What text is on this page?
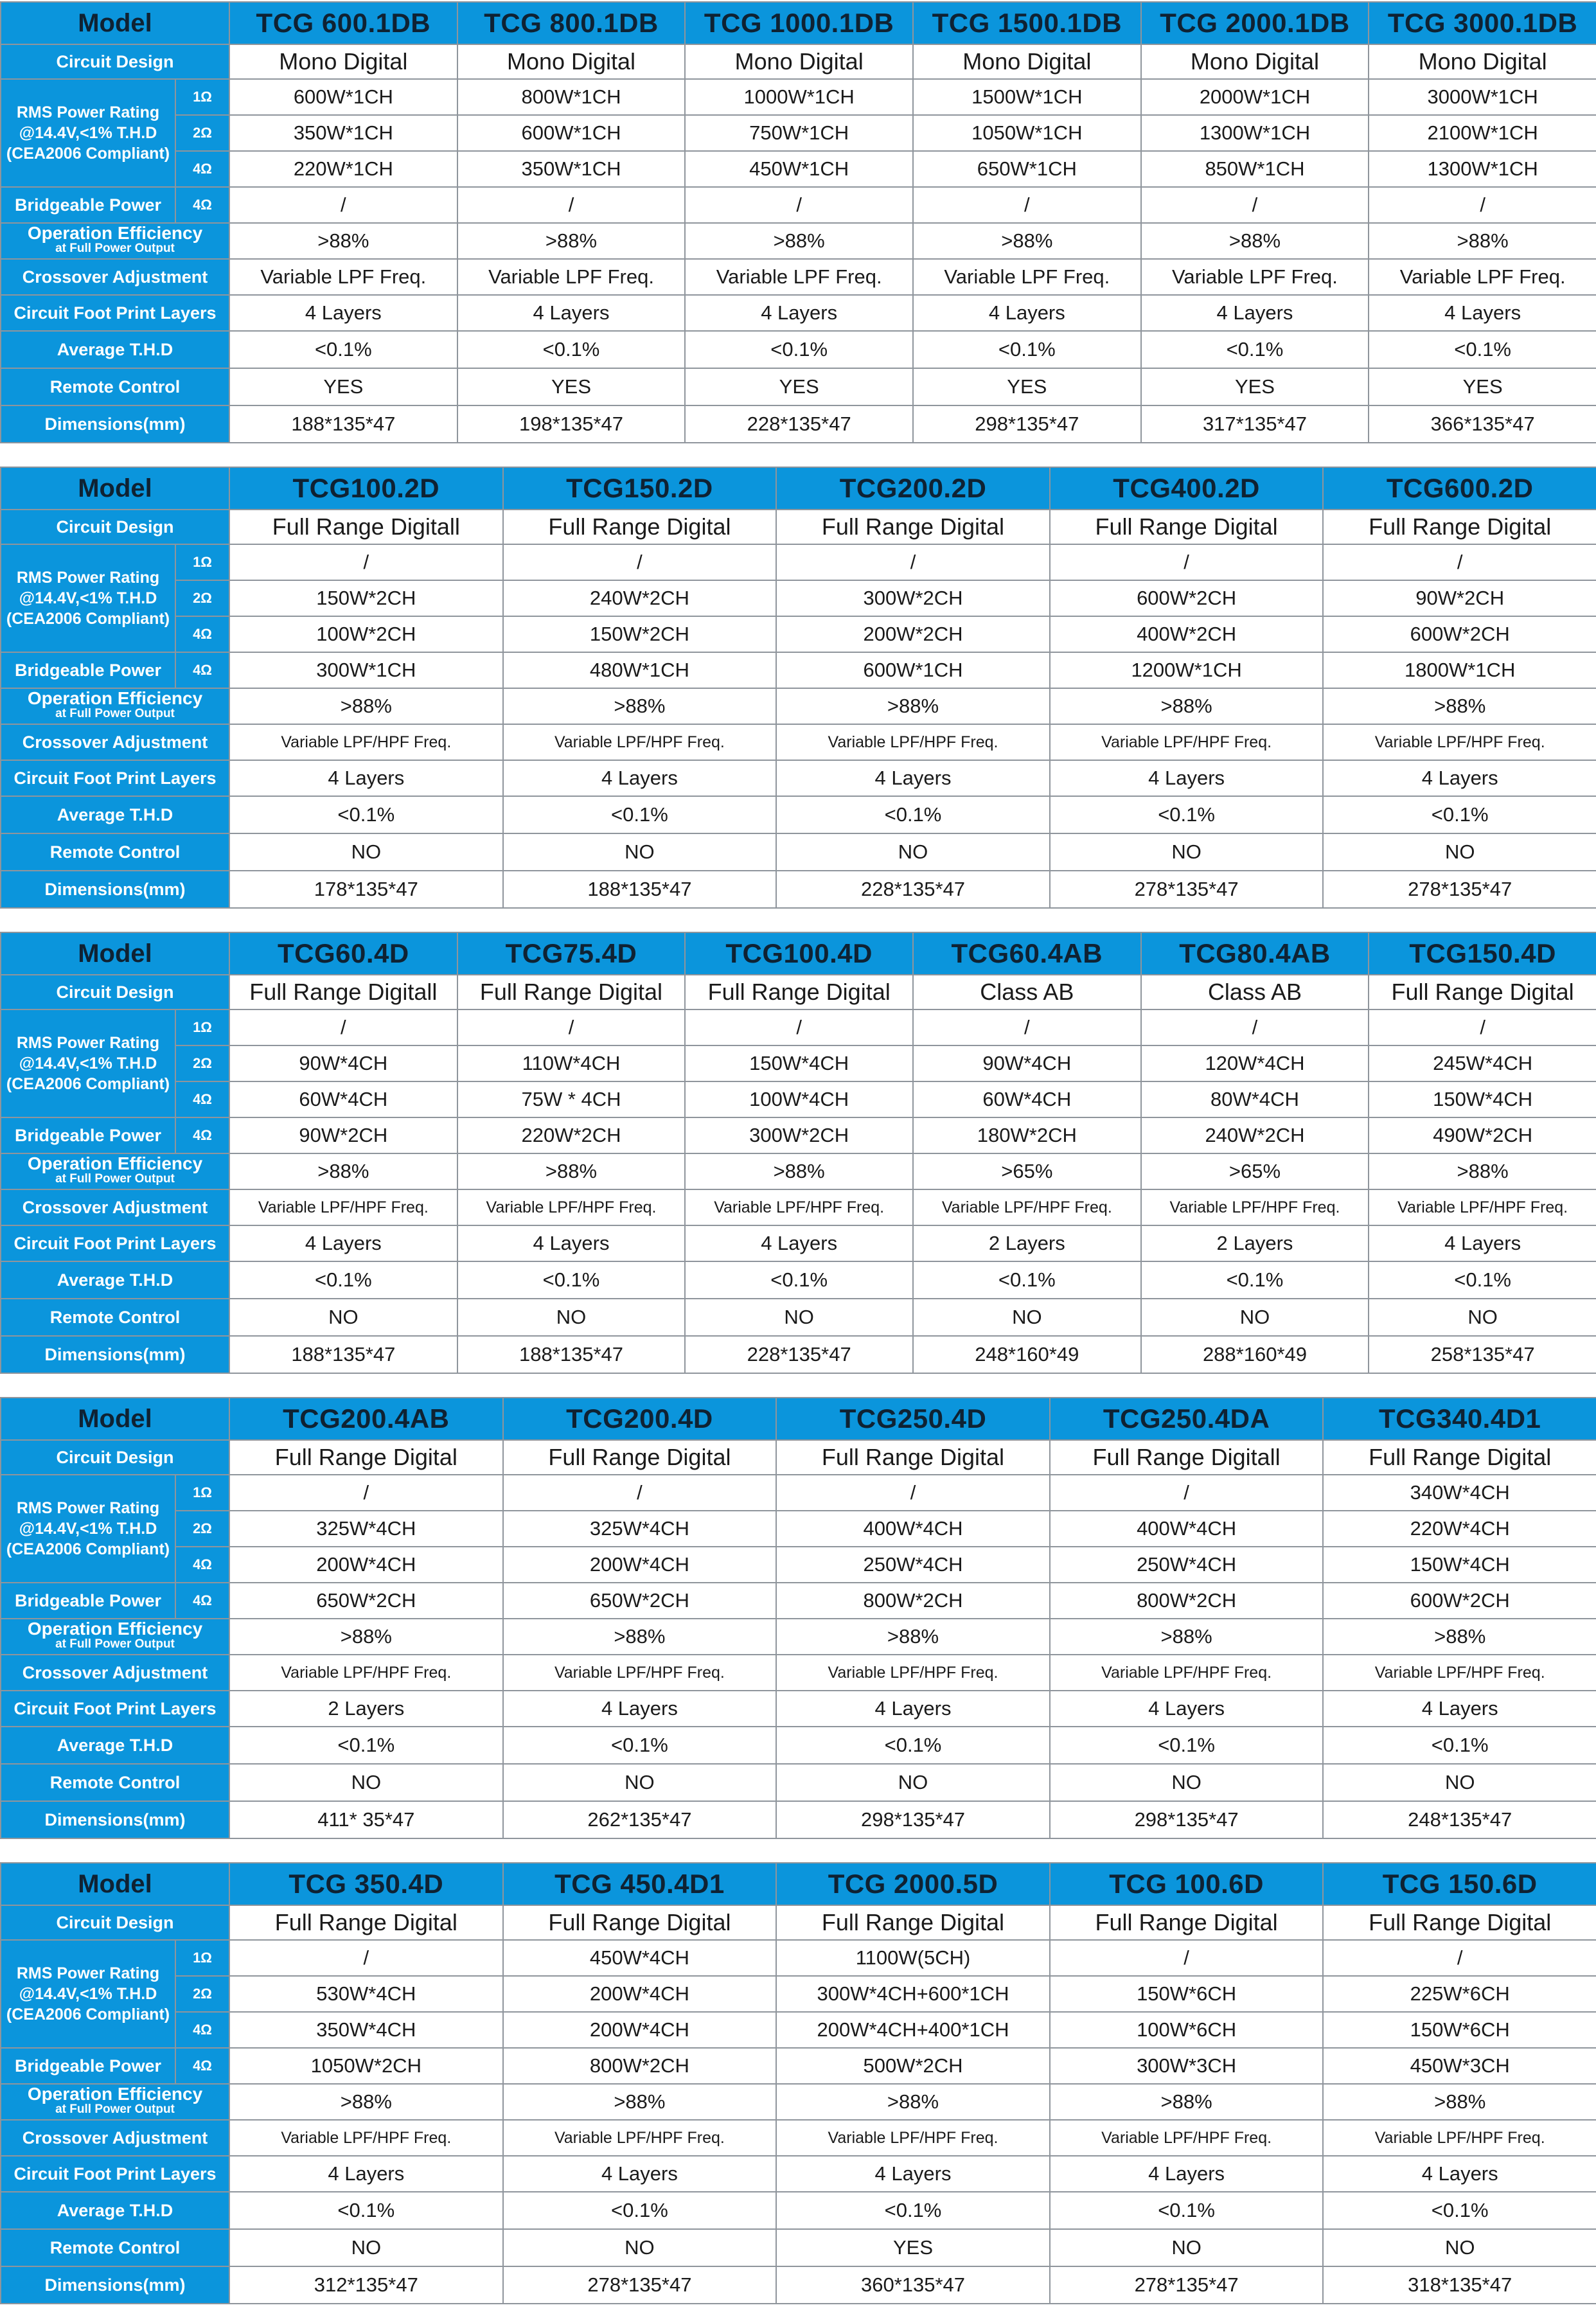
Model		TCG 600.1DB	TCG 800.1DB	TCG 1000.1DB	TCG 1500.1DB	TCG 2000.1DB	TCG 3000.1DB
Circuit Design		Mono Digital	Mono Digital	Mono Digital	Mono Digital	Mono Digital	Mono Digital

RMS Power Rating
@14.4V,<1% T.H.D
(CEA2006 Compliant)	1Ω	600W*1CH	800W*1CH	1000W*1CH	1500W*1CH	2000W*1CH	3000W*1CH
	2Ω	350W*1CH	600W*1CH	750W*1CH	1050W*1CH	1300W*1CH	2100W*1CH
	4Ω	220W*1CH	350W*1CH	450W*1CH	650W*1CH	850W*1CH	1300W*1CH
Bridgeable Power	4Ω	/	/	/	/	/	/

Operation Efficiency
at Full Power Output		>88%	>88%	>88%	>88%	>88%	>88%
Crossover Adjustment		Variable LPF Freq.	Variable LPF Freq.	Variable LPF Freq.	Variable LPF Freq.	Variable LPF Freq.	Variable LPF Freq.
Circuit Foot Print Layers		4 Layers	4 Layers	4 Layers	4 Layers	4 Layers	4 Layers
Average T.H.D		<0.1%	<0.1%	<0.1%	<0.1%	<0.1%	<0.1%
Remote Control		YES	YES	YES	YES	YES	YES
Dimensions(mm)		188*135*47	198*135*47	228*135*47	298*135*47	317*135*47	366*135*47
Model		TCG100.2D	TCG150.2D	TCG200.2D	TCG400.2D	TCG600.2D
Circuit Design		Full Range Digitall	Full Range Digital	Full Range Digital	Full Range Digital	Full Range Digital

RMS Power Rating
@14.4V,<1% T.H.D
(CEA2006 Compliant)	1Ω	/	/	/	/	/
	2Ω	150W*2CH	240W*2CH	300W*2CH	600W*2CH	90W*2CH
	4Ω	100W*2CH	150W*2CH	200W*2CH	400W*2CH	600W*2CH
Bridgeable Power	4Ω	300W*1CH	480W*1CH	600W*1CH	1200W*1CH	1800W*1CH

Operation Efficiency
at Full Power Output		>88%	>88%	>88%	>88%	>88%
Crossover Adjustment		Variable LPF/HPF Freq.	Variable LPF/HPF Freq.	Variable LPF/HPF Freq.	Variable LPF/HPF Freq.	Variable LPF/HPF Freq.
Circuit Foot Print Layers		4 Layers	4 Layers	4 Layers	4 Layers	4 Layers
Average T.H.D		<0.1%	<0.1%	<0.1%	<0.1%	<0.1%
Remote Control		NO	NO	NO	NO	NO
Dimensions(mm)		178*135*47	188*135*47	228*135*47	278*135*47	278*135*47
Model		TCG60.4D	TCG75.4D	TCG100.4D	TCG60.4AB	TCG80.4AB	TCG150.4D
Circuit Design		Full Range Digitall	Full Range Digital	Full Range Digital	Class AB	Class AB	Full Range Digital

RMS Power Rating
@14.4V,<1% T.H.D
(CEA2006 Compliant)	1Ω	/	/	/	/	/	/
	2Ω	90W*4CH	110W*4CH	150W*4CH	90W*4CH	120W*4CH	245W*4CH
	4Ω	60W*4CH	75W * 4CH	100W*4CH	60W*4CH	80W*4CH	150W*4CH
Bridgeable Power	4Ω	90W*2CH	220W*2CH	300W*2CH	180W*2CH	240W*2CH	490W*2CH

Operation Efficiency
at Full Power Output		>88%	>88%	>88%	>65%	>65%	>88%
Crossover Adjustment		Variable LPF/HPF Freq.	Variable LPF/HPF Freq.	Variable LPF/HPF Freq.	Variable LPF/HPF Freq.	Variable LPF/HPF Freq.	Variable LPF/HPF Freq.
Circuit Foot Print Layers		4 Layers	4 Layers	4 Layers	2 Layers	2 Layers	4 Layers
Average T.H.D		<0.1%	<0.1%	<0.1%	<0.1%	<0.1%	<0.1%
Remote Control		NO	NO	NO	NO	NO	NO
Dimensions(mm)		188*135*47	188*135*47	228*135*47	248*160*49	288*160*49	258*135*47
Model		TCG200.4AB	TCG200.4D	TCG250.4D	TCG250.4DA	TCG340.4D1
Circuit Design		Full Range Digital	Full Range Digital	Full Range Digital	Full Range Digitall	Full Range Digital

RMS Power Rating
@14.4V,<1% T.H.D
(CEA2006 Compliant)	1Ω	/	/	/	/	340W*4CH
	2Ω	325W*4CH	325W*4CH	400W*4CH	400W*4CH	220W*4CH
	4Ω	200W*4CH	200W*4CH	250W*4CH	250W*4CH	150W*4CH
Bridgeable Power	4Ω	650W*2CH	650W*2CH	800W*2CH	800W*2CH	600W*2CH

Operation Efficiency
at Full Power Output		>88%	>88%	>88%	>88%	>88%
Crossover Adjustment		Variable LPF/HPF Freq.	Variable LPF/HPF Freq.	Variable LPF/HPF Freq.	Variable LPF/HPF Freq.	Variable LPF/HPF Freq.
Circuit Foot Print Layers		2 Layers	4 Layers	4 Layers	4 Layers	4 Layers
Average T.H.D		<0.1%	<0.1%	<0.1%	<0.1%	<0.1%
Remote Control		NO	NO	NO	NO	NO
Dimensions(mm)		411* 35*47	262*135*47	298*135*47	298*135*47	248*135*47
Model		TCG 350.4D	TCG 450.4D1	TCG 2000.5D	TCG 100.6D	TCG 150.6D
Circuit Design		Full Range Digital	Full Range Digital	Full Range Digital	Full Range Digital	Full Range Digital

RMS Power Rating
@14.4V,<1% T.H.D
(CEA2006 Compliant)	1Ω	/	450W*4CH	1100W(5CH)	/	/
	2Ω	530W*4CH	200W*4CH	300W*4CH+600*1CH	150W*6CH	225W*6CH
	4Ω	350W*4CH	200W*4CH	200W*4CH+400*1CH	100W*6CH	150W*6CH
Bridgeable Power	4Ω	1050W*2CH	800W*2CH	500W*2CH	300W*3CH	450W*3CH

Operation Efficiency
at Full Power Output		>88%	>88%	>88%	>88%	>88%
Crossover Adjustment		Variable LPF/HPF Freq.	Variable LPF/HPF Freq.	Variable LPF/HPF Freq.	Variable LPF/HPF Freq.	Variable LPF/HPF Freq.
Circuit Foot Print Layers		4 Layers	4 Layers	4 Layers	4 Layers	4 Layers
Average T.H.D		<0.1%	<0.1%	<0.1%	<0.1%	<0.1%
Remote Control		NO	NO	YES	NO	NO
Dimensions(mm)		312*135*47	278*135*47	360*135*47	278*135*47	318*135*47
